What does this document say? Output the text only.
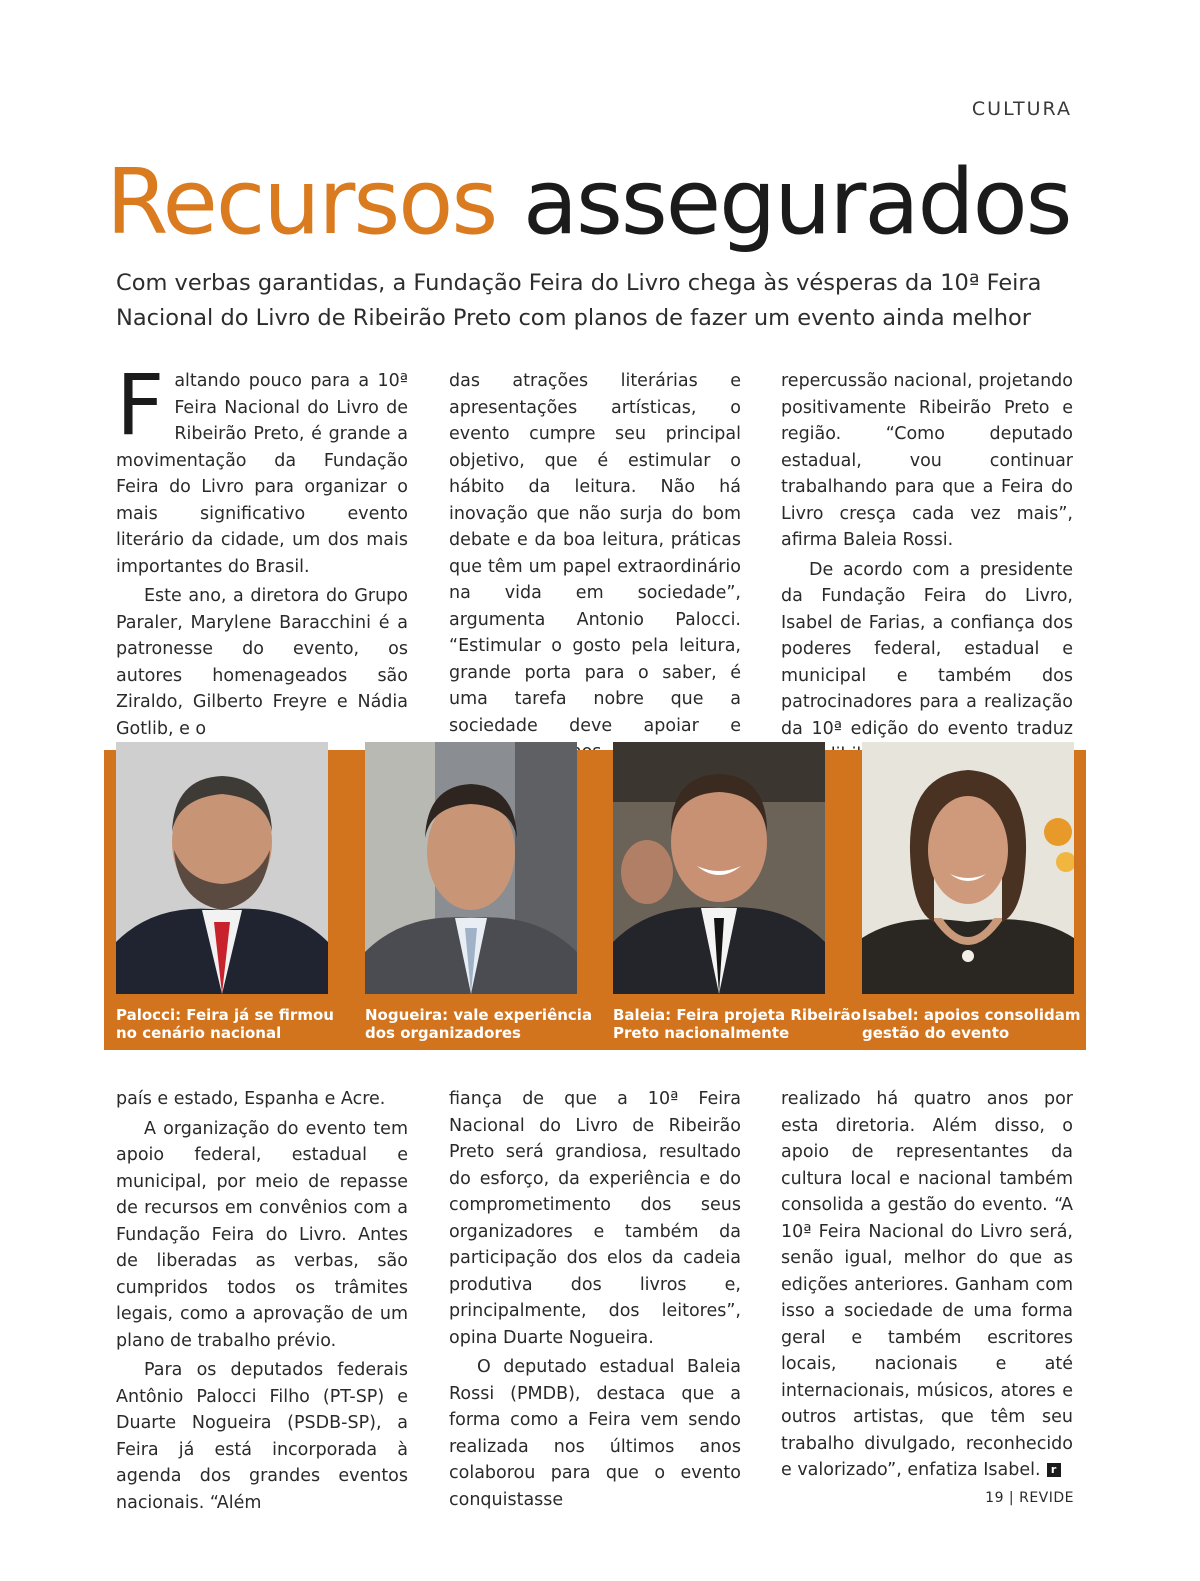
CULTURA
Recursos assegurados
Com verbas garantidas, a Fundação Feira do Livro chega às vésperas da 10ª Feira
Nacional do Livro de Ribeirão Preto com planos de fazer um evento ainda melhor

Faltando pouco para a 10ª Feira Nacional do Livro de Ribeirão Preto, é grande a movimentação da Fundação Feira do Livro para organizar o mais significativo evento literário da cidade, um dos mais importantes do Brasil.

Este ano, a diretora do Grupo Paraler, Marylene Baracchini é a patronesse do evento, os autores homenageados são Ziraldo, Gilberto Freyre e Nádia Gotlib, e o

das atrações literárias e apresentações artísticas, o evento cumpre seu principal objetivo, que é estimular o hábito da leitura. Não há inovação que não surja do bom debate e da boa leitura, práticas que têm um papel extraordinário na vida em sociedade”, argumenta Antonio Palocci. “Estimular o gosto pela leitura, grande porta para o saber, é uma tarefa nobre que a sociedade deve apoiar e

repercussão nacional, projetando positivamente Ribeirão Preto e região. “Como deputado estadual, vou continuar trabalhando para que a Feira do Livro cresça cada vez mais”, afirma Baleia Rossi.

De acordo com a presidente da Fundação Feira do Livro, Isabel de Farias, a confiança dos poderes federal, estadual e municipal e também dos patrocinadores para a realização da 10ª edição do evento traduz

Palocci: Feira já se firmou
no cenário nacional

Nogueira: vale experiência
dos organizadores

Baleia: Feira projeta Ribeirão
Preto nacionalmente

Isabel: apoios consolidam
gestão do evento

país e estado, Espanha e Acre.

A organização do evento tem apoio federal, estadual e municipal, por meio de repasse de recursos em convênios com a Fundação Feira do Livro. Antes de liberadas as verbas, são cumpridos todos os trâmites legais, como a aprovação de um plano de trabalho prévio.

Para os deputados federais Antônio Palocci Filho (PT-SP) e Duarte Nogueira (PSDB-SP), a Feira já está incorporada à agenda dos grandes eventos nacionais. “Além

fiança de que a 10ª Feira Nacional do Livro de Ribeirão Preto será grandiosa, resultado do esforço, da experiência e do comprometimento dos seus organizadores e também da participação dos elos da cadeia produtiva dos livros e, principalmente, dos leitores”, opina Duarte Nogueira.

O deputado estadual Baleia Rossi (PMDB), destaca que a forma como a Feira vem sendo realizada nos últimos anos colaborou para que o evento conquistasse

realizado há quatro anos por esta diretoria. Além disso, o apoio de representantes da cultura local e nacional também consolida a gestão do evento. “A 10ª Feira Nacional do Livro será, senão igual, melhor do que as edições anteriores. Ganham com isso a sociedade de uma forma geral e também escritores locais, nacionais e até internacionais, músicos, atores e outros artistas, que têm seu trabalho divulgado, reconhecido e valorizado”, enfatiza Isabel. r

19 | REVIDE
